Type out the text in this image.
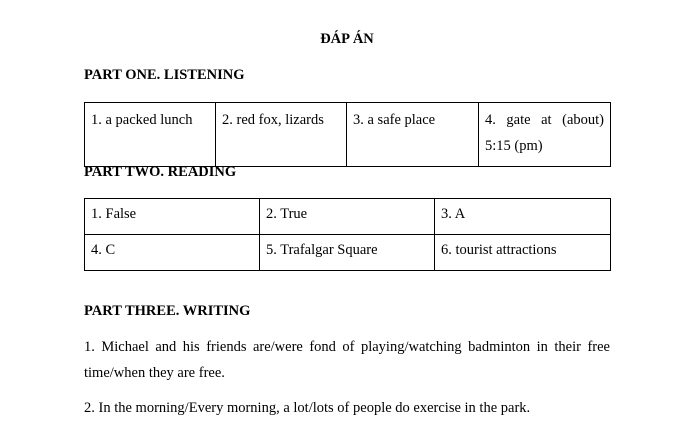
ĐÁP ÁN
PART ONE. LISTENING
1. a packed lunch	2. red fox, lizards	3. a safe place	4. gate at (about) 5:15 (pm)
PART TWO. READING
1. False	2. True	3. A
4. C	5. Trafalgar Square	6. tourist attractions
PART THREE. WRITING
1. Michael and his friends are/were fond of playing/watching badminton in their free time/when they are free.
2. In the morning/Every morning, a lot/lots of people do exercise in the park.
